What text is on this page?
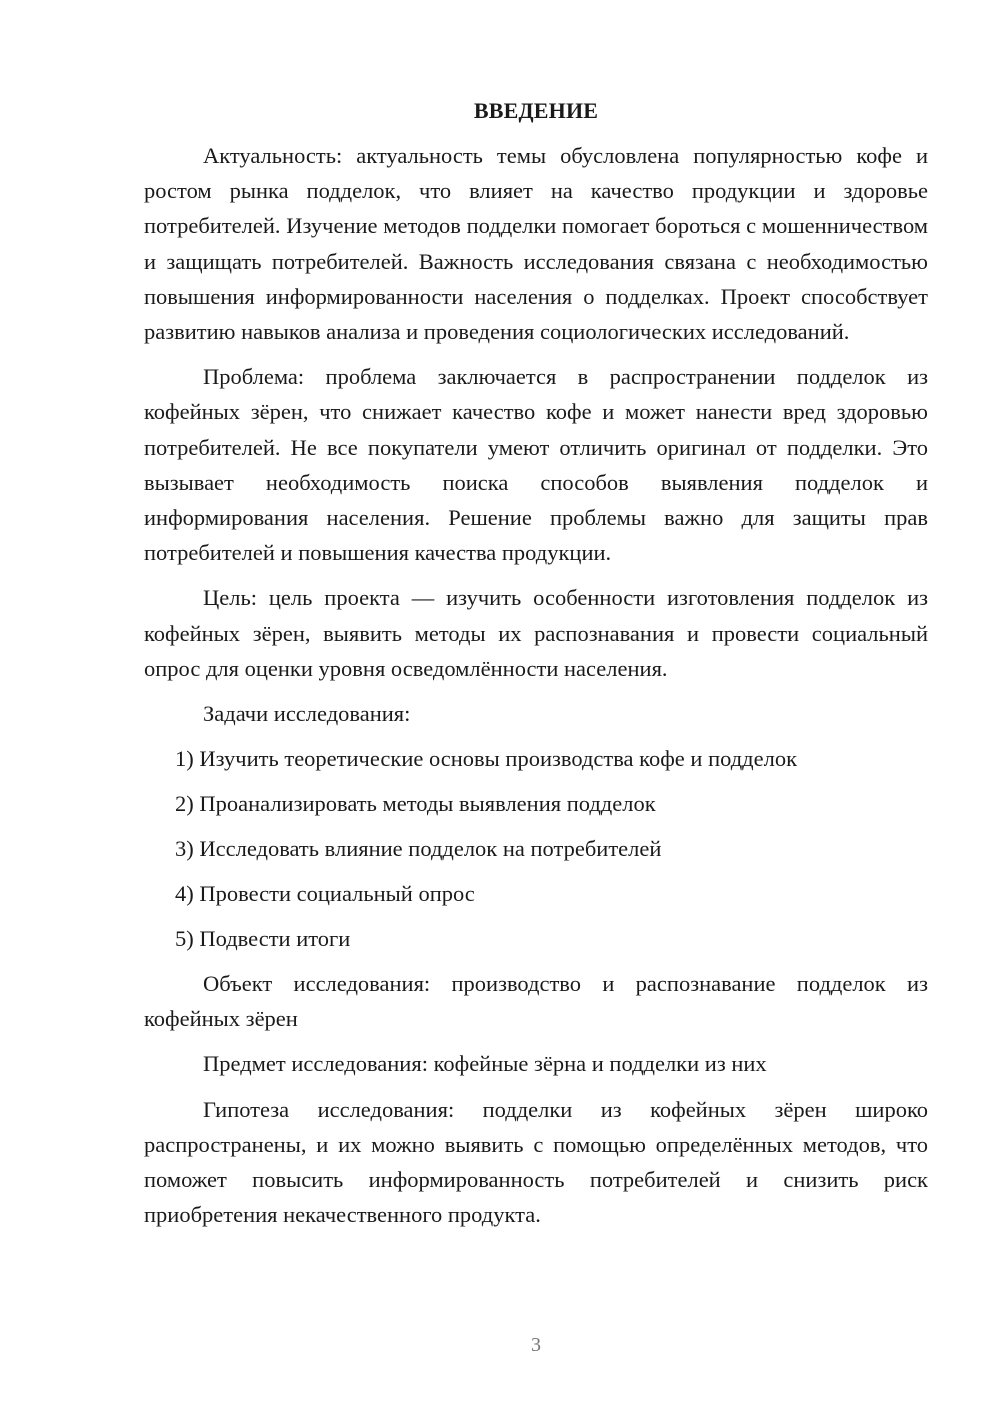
ВВЕДЕНИЕ

Актуальность: актуальность темы обусловлена популярностью кофе и ростом рынка подделок, что влияет на качество продукции и здоровье потребителей. Изучение методов подделки помогает бороться с мошенничеством и защищать потребителей. Важность исследования связана с необходимостью повышения информированности населения о подделках. Проект способствует развитию навыков анализа и проведения социологических исследований.

Проблема: проблема заключается в распространении подделок из кофейных зёрен, что снижает качество кофе и может нанести вред здоровью потребителей. Не все покупатели умеют отличить оригинал от подделки. Это вызывает необходимость поиска способов выявления подделок и информирования населения. Решение проблемы важно для защиты прав потребителей и повышения качества продукции.

Цель: цель проекта — изучить особенности изготовления подделок из кофейных зёрен, выявить методы их распознавания и провести социальный опрос для оценки уровня осведомлённости населения.

Задачи исследования:
1) Изучить теоретические основы производства кофе и подделок
2) Проанализировать методы выявления подделок
3) Исследовать влияние подделок на потребителей
4) Провести социальный опрос
5) Подвести итоги

Объект исследования: производство и распознавание подделок из кофейных зёрен

Предмет исследования: кофейные зёрна и подделки из них

Гипотеза исследования: подделки из кофейных зёрен широко распространены, и их можно выявить с помощью определённых методов, что поможет повысить информированность потребителей и снизить риск приобретения некачественного продукта.

3
